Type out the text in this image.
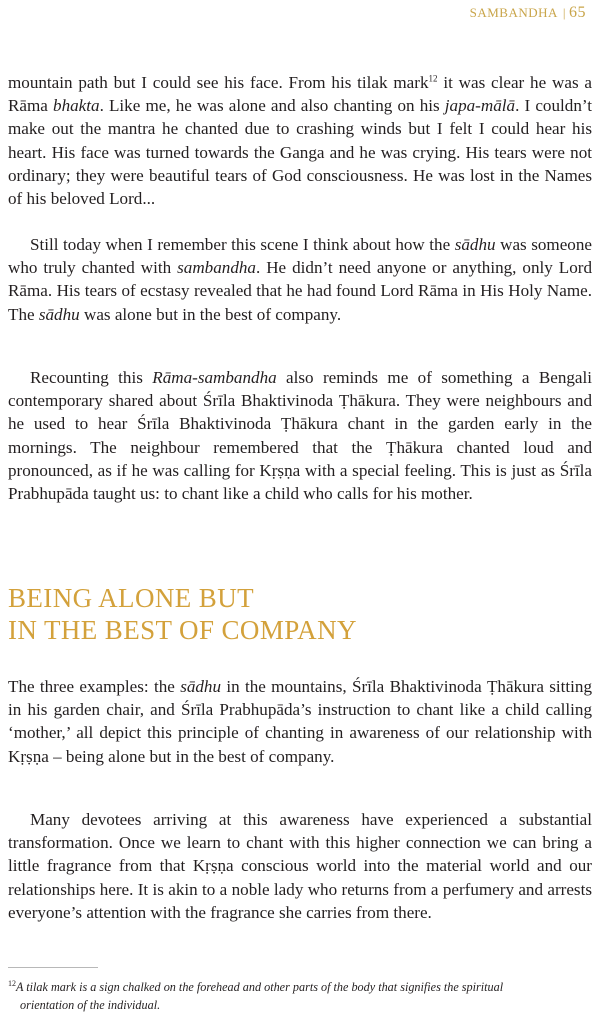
SAMBANDHA | 65

mountain path but I could see his face. From his tilak mark$^{12}$ it was clear he was a Rāma bhakta. Like me, he was alone and also chanting on his japa-mālā. I couldn’t make out the mantra he chanted due to crashing winds but I felt I could hear his heart. His face was turned towards the Ganga and he was crying. His tears were not ordinary; they were beautiful tears of God consciousness. He was lost in the Names of his beloved Lord...

Still today when I remember this scene I think about how the sādhu was someone who truly chanted with sambandha. He didn’t need anyone or anything, only Lord Rāma. His tears of ecstasy revealed that he had found Lord Rāma in His Holy Name. The sādhu was alone but in the best of company.

Recounting this Rāma-sambandha also reminds me of something a Bengali contemporary shared about Śrīla Bhaktivinoda Ṭhākura. They were neighbours and he used to hear Śrīla Bhaktivinoda Ṭhākura chant in the garden early in the mornings. The neighbour remembered that the Ṭhākura chanted loud and pronounced, as if he was calling for Kṛṣṇa with a special feeling. This is just as Śrīla Prabhupāda taught us: to chant like a child who calls for his mother.

BEING ALONE BUT
IN THE BEST OF COMPANY

The three examples: the sādhu in the mountains, Śrīla Bhaktivinoda Ṭhākura sitting in his garden chair, and Śrīla Prabhupāda’s instruction to chant like a child calling ‘mother,’ all depict this principle of chanting in awareness of our relationship with Kṛṣṇa – being alone but in the best of company.

Many devotees arriving at this awareness have experienced a substantial transformation. Once we learn to chant with this higher connection we can bring a little fragrance from that Kṛṣṇa conscious world into the material world and our relationships here. It is akin to a noble lady who returns from a perfumery and arrests everyone’s attention with the fragrance she carries from there.

$^{12}$A tilak mark is a sign chalked on the forehead and other parts of the body that signifies the spiritual
orientation of the individual.
